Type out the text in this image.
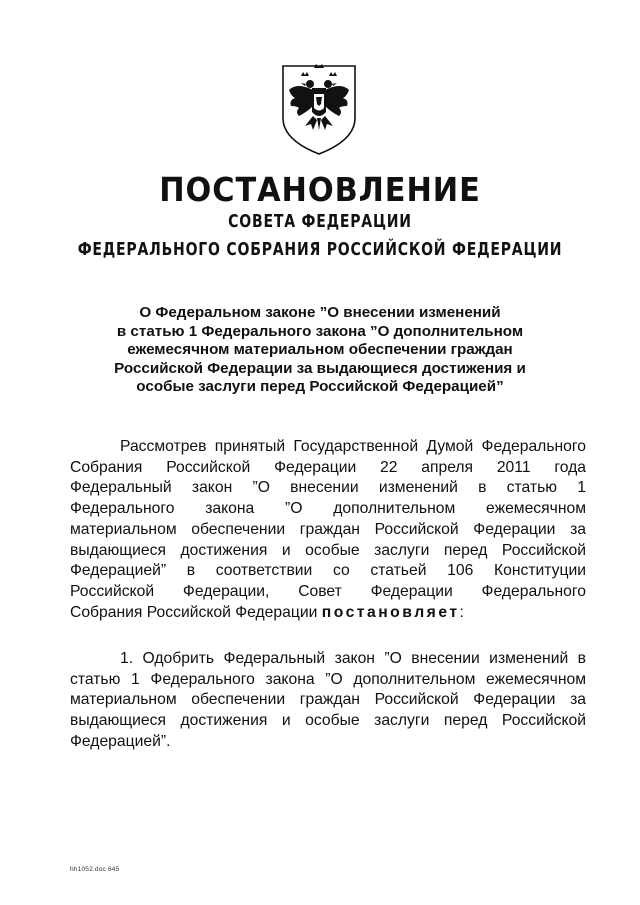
ПОСТАНОВЛЕНИЕ
СОВЕТА ФЕДЕРАЦИИ
ФЕДЕРАЛЬНОГО СОБРАНИЯ РОССИЙСКОЙ ФЕДЕРАЦИИ
О Федеральном законе ”О внесении изменений
в статью 1 Федерального закона ”О дополнительном
ежемесячном материальном обеспечении граждан
Российской Федерации за выдающиеся достижения и
особые заслуги перед Российской Федерацией”
Рассмотрев принятый Государственной Думой Федерального
Собрания Российской Федерации 22 апреля 2011 года
Федеральный закон ”О внесении изменений в статью 1
Федерального закона ”О дополнительном ежемесячном
материальном обеспечении граждан Российской Федерации за
выдающиеся достижения и особые заслуги перед Российской
Федерацией” в соответствии со статьей 106 Конституции
Российской Федерации, Совет Федерации Федерального
Собрания Российской Федерации постановляет:
1. Одобрить Федеральный закон ”О внесении изменений в
статью 1 Федерального закона ”О дополнительном ежемесячном
материальном обеспечении граждан Российской Федерации за
выдающиеся достижения и особые заслуги перед Российской
Федерацией”.
hh1052.doc 645
